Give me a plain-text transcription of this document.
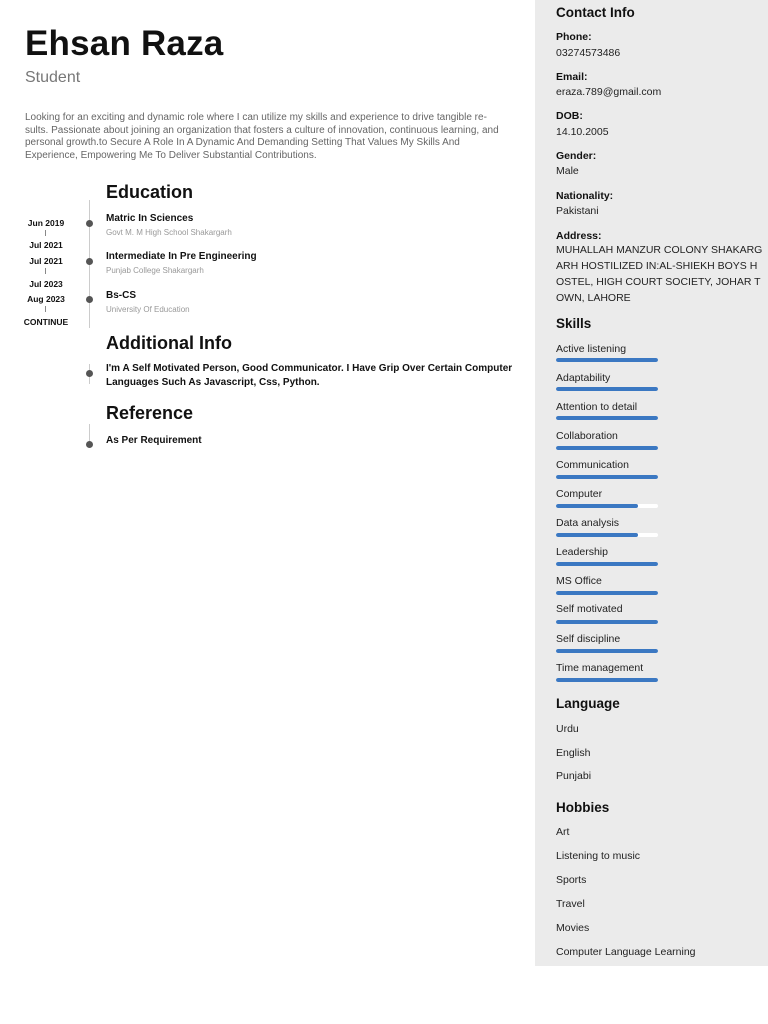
Ehsan Raza
Student
Looking for an exciting and dynamic role where I can utilize my skills and experience to drive tangible re-sults. Passionate about joining an organization that fosters a culture of innovation, continuous learning, and personal growth.to Secure A Role In A Dynamic And Demanding Setting That Values My Skills And Experience, Empowering Me To Deliver Substantial Contributions.
Education
Jun 2019
Jul 2021
Matric In Sciences
Govt M. M High School Shakargarh
Jul 2021
Jul 2023
Intermediate In Pre Engineering
Punjab College Shakargarh
Aug 2023
CONTINUE
Bs-CS
University Of Education
Additional Info
I'm A Self Motivated Person, Good Communicator. I Have Grip Over Certain Computer Languages Such As Javascript, Css, Python.
Reference
As Per Requirement
Contact Info
Phone:
03274573486
Email:
eraza.789@gmail.com
DOB:
14.10.2005
Gender:
Male
Nationality:
Pakistani
Address:
MUHALLAH MANZUR COLONY SHAKARGARH HOSTILIZED IN:AL-SHIEKH BOYS HOSTEL, HIGH COURT SOCIETY, JOHAR TOWN, LAHORE
Skills
Active listening
Adaptability
Attention to detail
Collaboration
Communication
Computer
Data analysis
Leadership
MS Office
Self motivated
Self discipline
Time management
Language
Urdu
English
Punjabi
Hobbies
Art
Listening to music
Sports
Travel
Movies
Computer Language Learning
